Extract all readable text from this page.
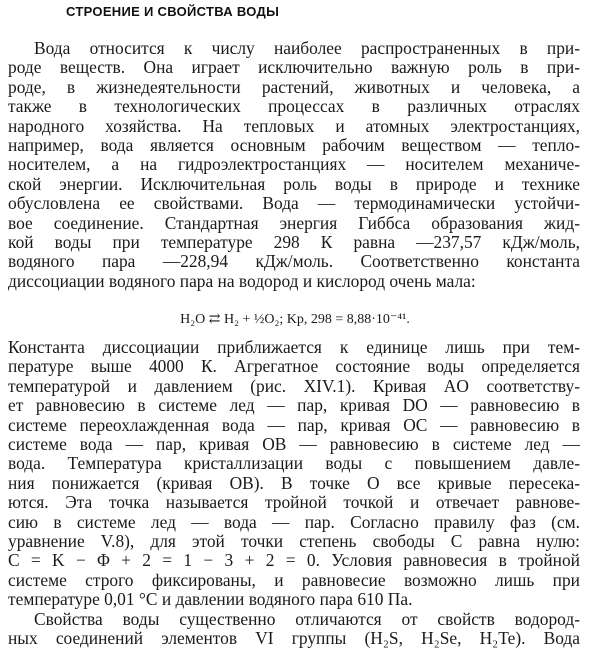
СТРОЕНИЕ И СВОЙСТВА ВОДЫ
Вода относится к числу наиболее распространенных в при-
роде веществ. Она играет исключительно важную роль в при-
роде, в жизнедеятельности растений, животных и человека, а
также в технологических процессах в различных отраслях
народного хозяйства. На тепловых и атомных электростанциях,
например, вода является основным рабочим веществом — тепло-
носителем, а на гидроэлектростанциях — носителем механиче-
ской энергии. Исключительная роль воды в природе и технике
обусловлена ее свойствами. Вода — термодинамически устойчи-
вое соединение. Стандартная энергия Гиббса образования жид-
кой воды при температуре 298 К равна —237,57 кДж/моль,
водяного пара —228,94 кДж/моль. Соответственно константа
диссоциации водяного пара на водород и кислород очень мала:
H₂O ⇄ H₂ + ½O₂; Kp, 298 = 8,88·10⁻⁴¹.
Константа диссоциации приближается к единице лишь при тем-
пературе выше 4000 К. Агрегатное состояние воды определяется
температурой и давлением (рис. XIV.1). Кривая AO соответству-
ет равновесию в системе лед — пар, кривая DO — равновесию в
системе переохлажденная вода — пар, кривая OC — равновесию в
системе вода — пар, кривая OB — равновесию в системе лед —
вода. Температура кристаллизации воды с повышением давле-
ния понижается (кривая OB). В точке O все кривые пересека-
ются. Эта точка называется тройной точкой и отвечает равнове-
сию в системе лед — вода — пар. Согласно правилу фаз (см.
уравнение V.8), для этой точки степень свободы C равна нулю:
C = K − Φ + 2 = 1 − 3 + 2 = 0. Условия равновесия в тройной
системе строго фиксированы, и равновесие возможно лишь при
температуре 0,01 °C и давлении водяного пара 610 Па.
Свойства воды существенно отличаются от свойств водород-
ных соединений элементов VI группы (H₂S, H₂Se, H₂Te). Вода
